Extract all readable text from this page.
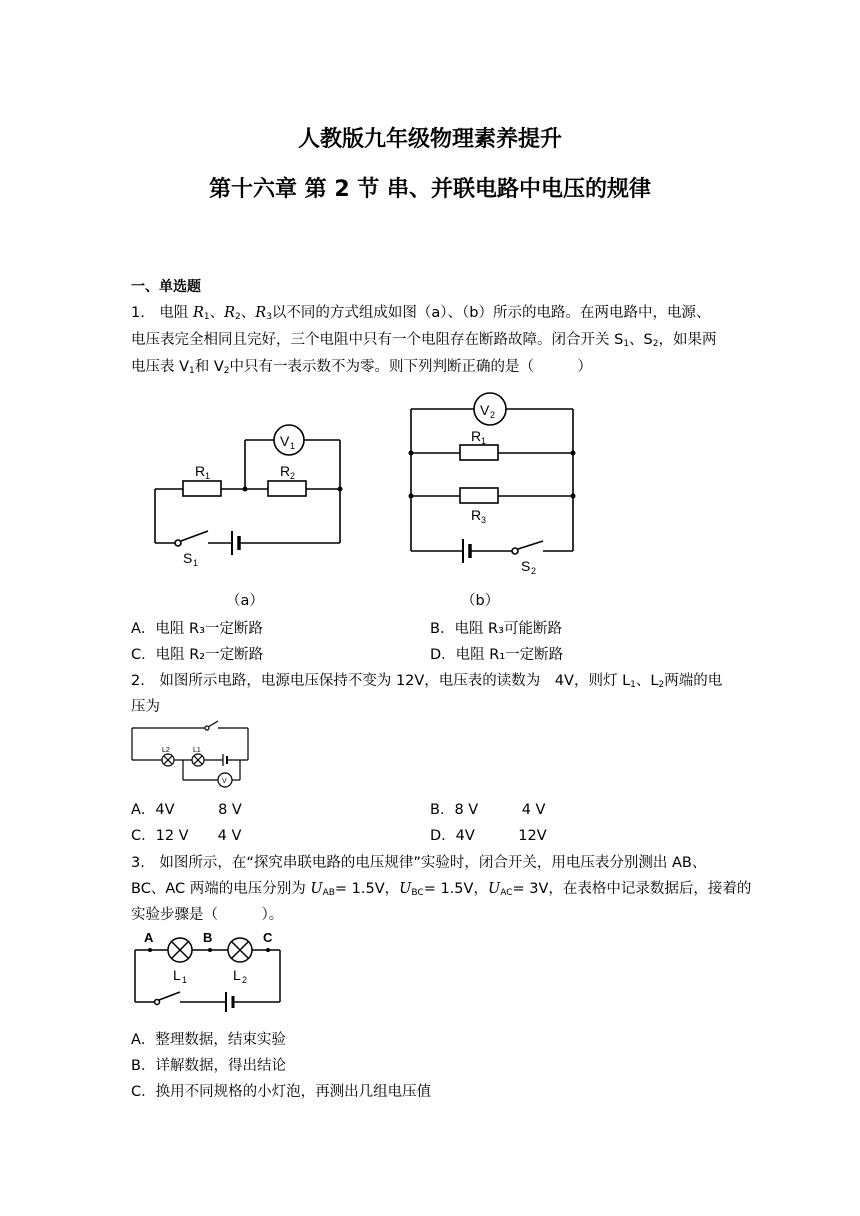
人教版九年级物理素养提升
第十六章 第 2 节 串、并联电路中电压的规律
一、单选题
1.　电阻 $R_1$、$R_2$、$R_3$以不同的方式组成如图（a）、（b）所示的电路。在两电路中，电源、
电压表完全相同且完好，三个电阻中只有一个电阻存在断路故障。闭合开关 $S_1$、$S_2$，如果两
电压表 $V_1$和 $V_2$中只有一表示数不为零。则下列判断正确的是（　　　）
R 1	R 2
V 1
S 1
（a）
R 1
R 3
V 2
S 2
（b）
A．电阻 R₃一定断路	B．电阻 R₃可能断路
C．电阻 R₂一定断路	D．电阻 R₁一定断路
2.　如图所示电路，电源电压保持不变为 12V，电压表的读数为　4V，则灯 $L_1$、$L_2$两端的电
压为
L2	L1
V
A．4V　　　8 V	B．8 V　　　4 V
C．12 V　　4 V	D．4V　　　12V
3.　如图所示，在“探究串联电路的电压规律”实验时，闭合开关，用电压表分别测出 AB、
BC、AC 两端的电压分别为 $U_{AB}= 1.5V$，$U_{BC}= 1.5V$，$U_{AC}= 3V$，在表格中记录数据后，接着的
实验步骤是（　　　）。
A	B	C
L 1	L 2
A．整理数据，结束实验
B．详解数据，得出结论
C．换用不同规格的小灯泡，再测出几组电压值
